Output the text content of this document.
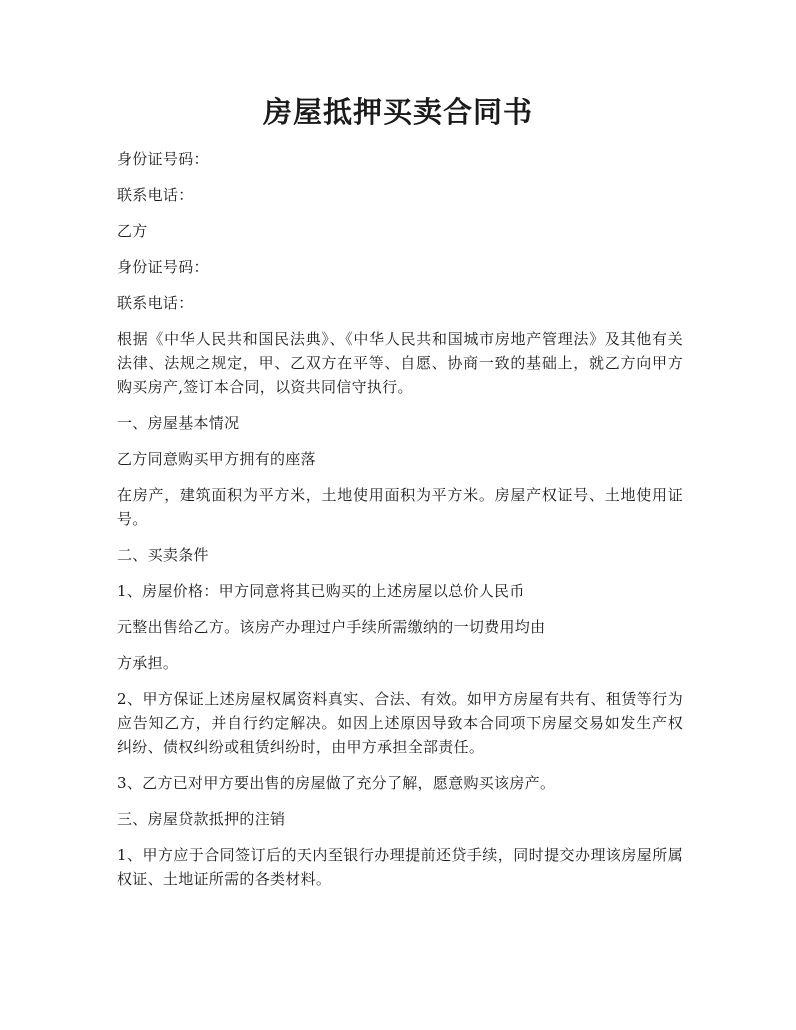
房屋抵押买卖合同书

身份证号码：

联系电话：

乙方

身份证号码：

联系电话：

根据《中华人民共和国民法典》、《中华人民共和国城市房地产管理法》及其他有关法律、法规之规定，甲、乙双方在平等、自愿、协商一致的基础上，就乙方向甲方购买房产,签订本合同，以资共同信守执行。

一、房屋基本情况

乙方同意购买甲方拥有的座落

在房产，建筑面积为平方米，土地使用面积为平方米。房屋产权证号、土地使用证号。

二、买卖条件

1、房屋价格：甲方同意将其已购买的上述房屋以总价人民币

元整出售给乙方。该房产办理过户手续所需缴纳的一切费用均由

方承担。

2、甲方保证上述房屋权属资料真实、合法、有效。如甲方房屋有共有、租赁等行为应告知乙方，并自行约定解决。如因上述原因导致本合同项下房屋交易如发生产权纠纷、债权纠纷或租赁纠纷时，由甲方承担全部责任。

3、乙方已对甲方要出售的房屋做了充分了解，愿意购买该房产。

三、房屋贷款抵押的注销

1、甲方应于合同签订后的天内至银行办理提前还贷手续，同时提交办理该房屋所属权证、土地证所需的各类材料。
